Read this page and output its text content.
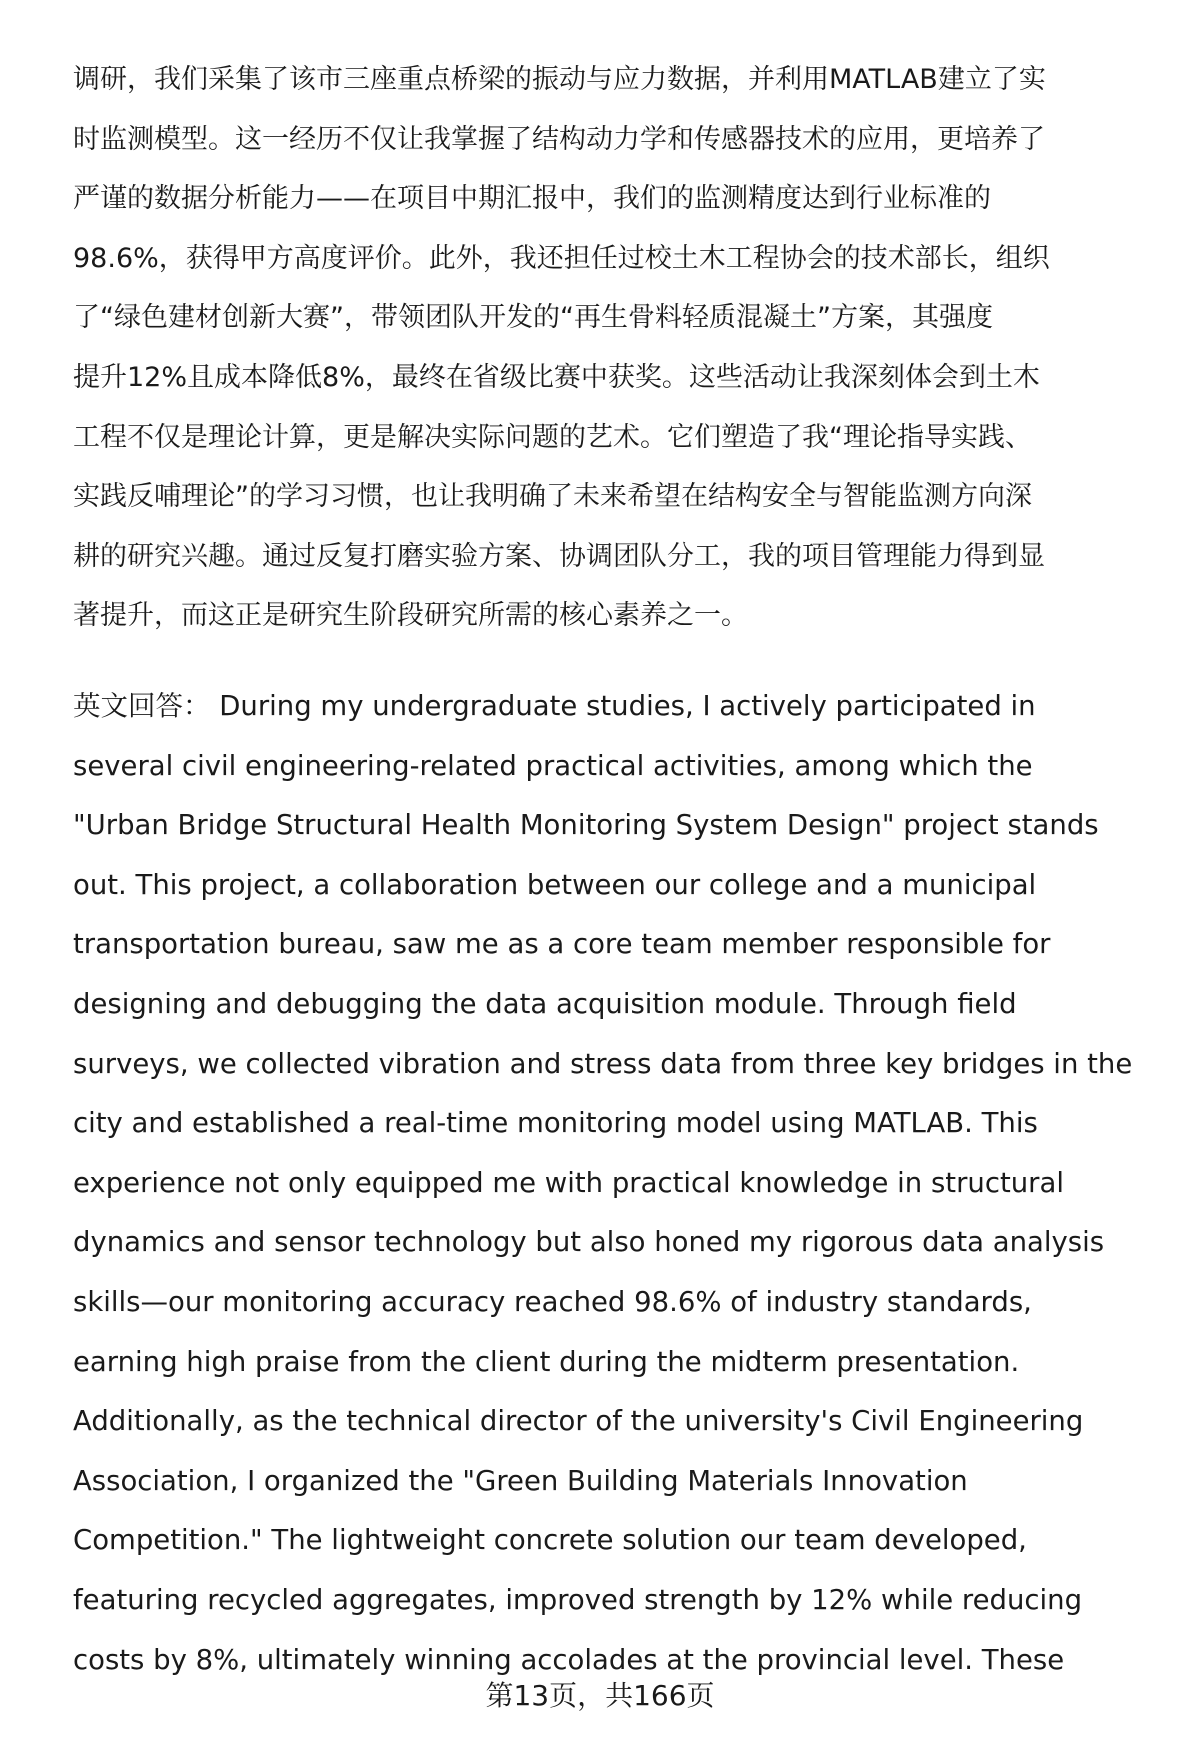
调研，我们采集了该市三座重点桥梁的振动与应力数据，并利用MATLAB建立了实
时监测模型。这一经历不仅让我掌握了结构动力学和传感器技术的应用，更培养了
严谨的数据分析能力——在项目中期汇报中，我们的监测精度达到行业标准的
98.6%，获得甲方高度评价。此外，我还担任过校土木工程协会的技术部长，组织
了“绿色建材创新大赛”，带领团队开发的“再生骨料轻质混凝土”方案，其强度
提升12%且成本降低8%，最终在省级比赛中获奖。这些活动让我深刻体会到土木
工程不仅是理论计算，更是解决实际问题的艺术。它们塑造了我“理论指导实践、
实践反哺理论”的学习习惯，也让我明确了未来希望在结构安全与智能监测方向深
耕的研究兴趣。通过反复打磨实验方案、协调团队分工，我的项目管理能力得到显
著提升，而这正是研究生阶段研究所需的核心素养之一。
英文回答： During my undergraduate studies, I actively participated in
several civil engineering-related practical activities, among which the
"Urban Bridge Structural Health Monitoring System Design" project stands
out. This project, a collaboration between our college and a municipal
transportation bureau, saw me as a core team member responsible for
designing and debugging the data acquisition module. Through field
surveys, we collected vibration and stress data from three key bridges in the
city and established a real-time monitoring model using MATLAB. This
experience not only equipped me with practical knowledge in structural
dynamics and sensor technology but also honed my rigorous data analysis
skills—our monitoring accuracy reached 98.6% of industry standards,
earning high praise from the client during the midterm presentation.
Additionally, as the technical director of the university's Civil Engineering
Association, I organized the "Green Building Materials Innovation
Competition." The lightweight concrete solution our team developed,
featuring recycled aggregates, improved strength by 12% while reducing
costs by 8%, ultimately winning accolades at the provincial level. These
第13页，共166页
